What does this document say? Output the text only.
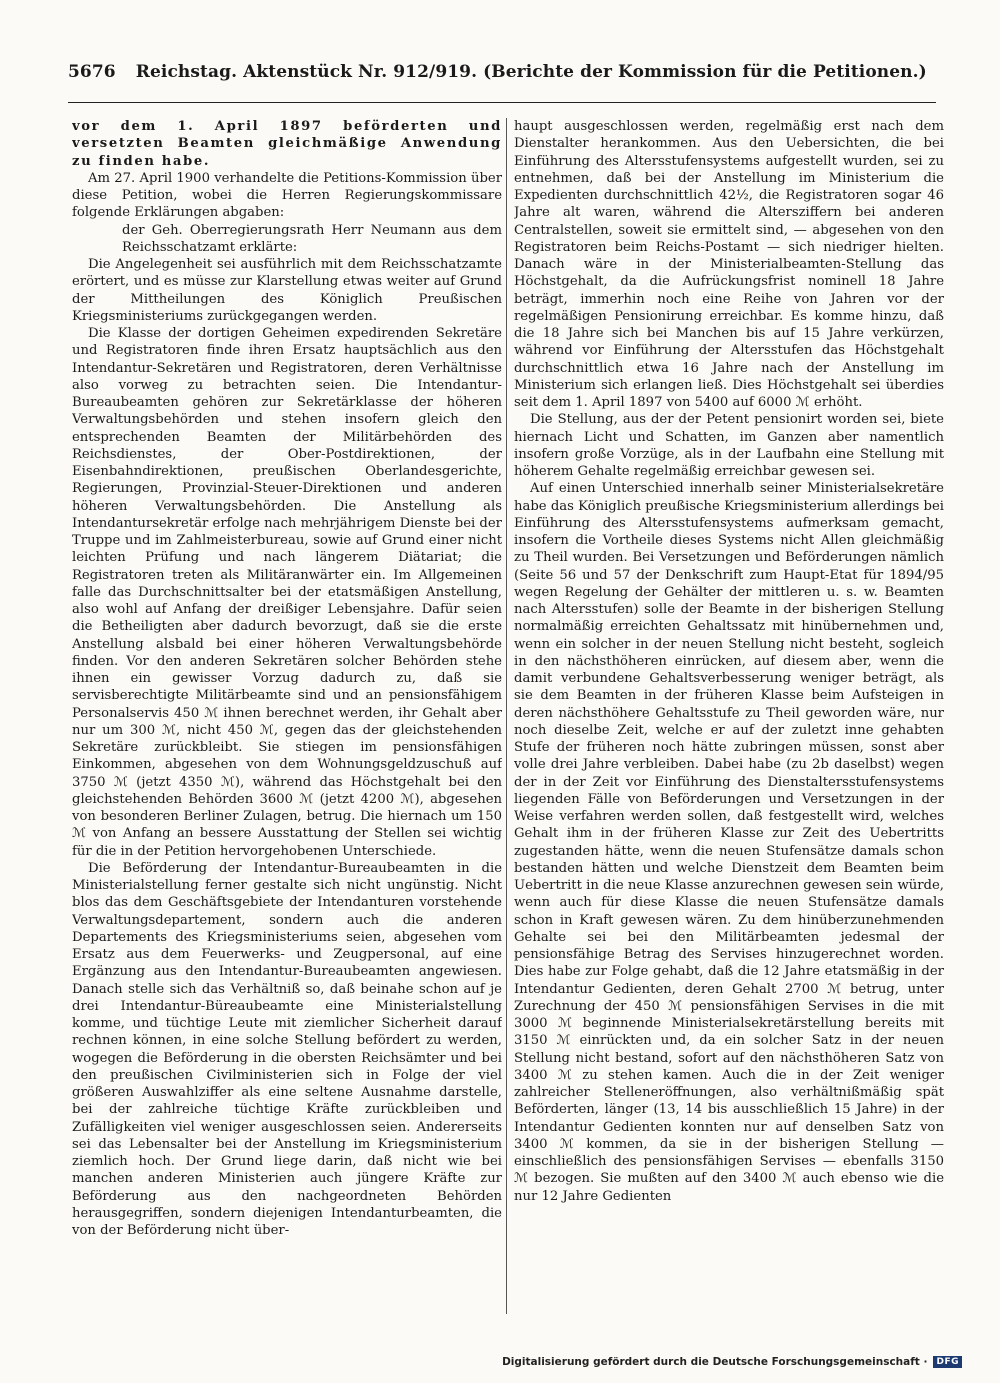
5676 Reichstag. Aktenstück Nr. 912/919. (Berichte der Kommission für die Petitionen.)

vor dem 1. April 1897 beförderten und versetzten Beamten gleichmäßige Anwendung zu finden habe.

Am 27. April 1900 verhandelte die Petitions-Kommission über diese Petition, wobei die Herren Regierungskommissare folgende Erklärungen abgaben:

der Geh. Oberregierungsrath Herr Neumann aus dem Reichsschatzamt erklärte:

Die Angelegenheit sei ausführlich mit dem Reichsschatzamte erörtert, und es müsse zur Klarstellung etwas weiter auf Grund der Mittheilungen des Königlich Preußischen Kriegsministeriums zurückgegangen werden.

Die Klasse der dortigen Geheimen expedirenden Sekretäre und Registratoren finde ihren Ersatz hauptsächlich aus den Intendantur-Sekretären und Registratoren, deren Verhältnisse also vorweg zu betrachten seien. Die Intendantur-Bureaubeamten gehören zur Sekretärklasse der höheren Verwaltungsbehörden und stehen insofern gleich den entsprechenden Beamten der Militärbehörden des Reichsdienstes, der Ober-Postdirektionen, der Eisenbahndirektionen, preußischen Oberlandesgerichte, Regierungen, Provinzial-Steuer-Direktionen und anderen höheren Verwaltungsbehörden. Die Anstellung als Intendantursekretär erfolge nach mehrjährigem Dienste bei der Truppe und im Zahlmeisterbureau, sowie auf Grund einer nicht leichten Prüfung und nach längerem Diätariat; die Registratoren treten als Militäranwärter ein. Im Allgemeinen falle das Durchschnittsalter bei der etatsmäßigen Anstellung, also wohl auf Anfang der dreißiger Lebensjahre. Dafür seien die Betheiligten aber dadurch bevorzugt, daß sie die erste Anstellung alsbald bei einer höheren Verwaltungsbehörde finden. Vor den anderen Sekretären solcher Behörden stehe ihnen ein gewisser Vorzug dadurch zu, daß sie servisberechtigte Militärbeamte sind und an pensionsfähigem Personalservis 450 ℳ ihnen berechnet werden, ihr Gehalt aber nur um 300 ℳ, nicht 450 ℳ, gegen das der gleichstehenden Sekretäre zurückbleibt. Sie stiegen im pensionsfähigen Einkommen, abgesehen von dem Wohnungsgeldzuschuß auf 3750 ℳ (jetzt 4350 ℳ), während das Höchstgehalt bei den gleichstehenden Behörden 3600 ℳ (jetzt 4200 ℳ), abgesehen von besonderen Berliner Zulagen, betrug. Die hiernach um 150 ℳ von Anfang an bessere Ausstattung der Stellen sei wichtig für die in der Petition hervorgehobenen Unterschiede.

Die Beförderung der Intendantur-Bureaubeamten in die Ministerialstellung ferner gestalte sich nicht ungünstig. Nicht blos das dem Geschäftsgebiete der Intendanturen vorstehende Verwaltungsdepartement, sondern auch die anderen Departements des Kriegsministeriums seien, abgesehen vom Ersatz aus dem Feuerwerks- und Zeugpersonal, auf eine Ergänzung aus den Intendantur-Bureaubeamten angewiesen. Danach stelle sich das Verhältniß so, daß beinahe schon auf je drei Intendantur-Büreaubeamte eine Ministerialstellung komme, und tüchtige Leute mit ziemlicher Sicherheit darauf rechnen können, in eine solche Stellung befördert zu werden, wogegen die Beförderung in die obersten Reichsämter und bei den preußischen Civilministerien sich in Folge der viel größeren Auswahlziffer als eine seltene Ausnahme darstelle, bei der zahlreiche tüchtige Kräfte zurückbleiben und Zufälligkeiten viel weniger ausgeschlossen seien. Andererseits sei das Lebensalter bei der Anstellung im Kriegsministerium ziemlich hoch. Der Grund liege darin, daß nicht wie bei manchen anderen Ministerien auch jüngere Kräfte zur Beförderung aus den nachgeordneten Behörden herausgegriffen, sondern diejenigen Intendanturbeamten, die von der Beförderung nicht über-

haupt ausgeschlossen werden, regelmäßig erst nach dem Dienstalter herankommen. Aus den Uebersichten, die bei Einführung des Altersstufensystems aufgestellt wurden, sei zu entnehmen, daß bei der Anstellung im Ministerium die Expedienten durchschnittlich 42½, die Registratoren sogar 46 Jahre alt waren, während die Altersziffern bei anderen Centralstellen, soweit sie ermittelt sind, — abgesehen von den Registratoren beim Reichs-Postamt — sich niedriger hielten. Danach wäre in der Ministerialbeamten-Stellung das Höchstgehalt, da die Aufrückungsfrist nominell 18 Jahre beträgt, immerhin noch eine Reihe von Jahren vor der regelmäßigen Pensionirung erreichbar. Es komme hinzu, daß die 18 Jahre sich bei Manchen bis auf 15 Jahre verkürzen, während vor Einführung der Altersstufen das Höchstgehalt durchschnittlich etwa 16 Jahre nach der Anstellung im Ministerium sich erlangen ließ. Dies Höchstgehalt sei überdies seit dem 1. April 1897 von 5400 auf 6000 ℳ erhöht.

Die Stellung, aus der der Petent pensionirt worden sei, biete hiernach Licht und Schatten, im Ganzen aber namentlich insofern große Vorzüge, als in der Laufbahn eine Stellung mit höherem Gehalte regelmäßig erreichbar gewesen sei.

Auf einen Unterschied innerhalb seiner Ministerialsekretäre habe das Königlich preußische Kriegsministerium allerdings bei Einführung des Altersstufensystems aufmerksam gemacht, insofern die Vortheile dieses Systems nicht Allen gleichmäßig zu Theil wurden. Bei Versetzungen und Beförderungen nämlich (Seite 56 und 57 der Denkschrift zum Haupt-Etat für 1894/95 wegen Regelung der Gehälter der mittleren u. s. w. Beamten nach Altersstufen) solle der Beamte in der bisherigen Stellung normalmäßig erreichten Gehaltssatz mit hinübernehmen und, wenn ein solcher in der neuen Stellung nicht besteht, sogleich in den nächsthöheren einrücken, auf diesem aber, wenn die damit verbundene Gehaltsverbesserung weniger beträgt, als sie dem Beamten in der früheren Klasse beim Aufsteigen in deren nächsthöhere Gehaltsstufe zu Theil geworden wäre, nur noch dieselbe Zeit, welche er auf der zuletzt inne gehabten Stufe der früheren noch hätte zubringen müssen, sonst aber volle drei Jahre verbleiben. Dabei habe (zu 2b daselbst) wegen der in der Zeit vor Einführung des Dienstaltersstufensystems liegenden Fälle von Beförderungen und Versetzungen in der Weise verfahren werden sollen, daß festgestellt wird, welches Gehalt ihm in der früheren Klasse zur Zeit des Uebertritts zugestanden hätte, wenn die neuen Stufensätze damals schon bestanden hätten und welche Dienstzeit dem Beamten beim Uebertritt in die neue Klasse anzurechnen gewesen sein würde, wenn auch für diese Klasse die neuen Stufensätze damals schon in Kraft gewesen wären. Zu dem hinüberzunehmenden Gehalte sei bei den Militärbeamten jedesmal der pensionsfähige Betrag des Servises hinzugerechnet worden. Dies habe zur Folge gehabt, daß die 12 Jahre etatsmäßig in der Intendantur Gedienten, deren Gehalt 2700 ℳ betrug, unter Zurechnung der 450 ℳ pensionsfähigen Servises in die mit 3000 ℳ beginnende Ministerialsekretärstellung bereits mit 3150 ℳ einrückten und, da ein solcher Satz in der neuen Stellung nicht bestand, sofort auf den nächsthöheren Satz von 3400 ℳ zu stehen kamen. Auch die in der Zeit weniger zahlreicher Stelleneröffnungen, also verhältnißmäßig spät Beförderten, länger (13, 14 bis ausschließlich 15 Jahre) in der Intendantur Gedienten konnten nur auf denselben Satz von 3400 ℳ kommen, da sie in der bisherigen Stellung — einschließlich des pensionsfähigen Servises — ebenfalls 3150 ℳ bezogen. Sie mußten auf den 3400 ℳ auch ebenso wie die nur 12 Jahre Gedienten

Digitalisierung gefördert durch die Deutsche Forschungsgemeinschaft ·	DFG
